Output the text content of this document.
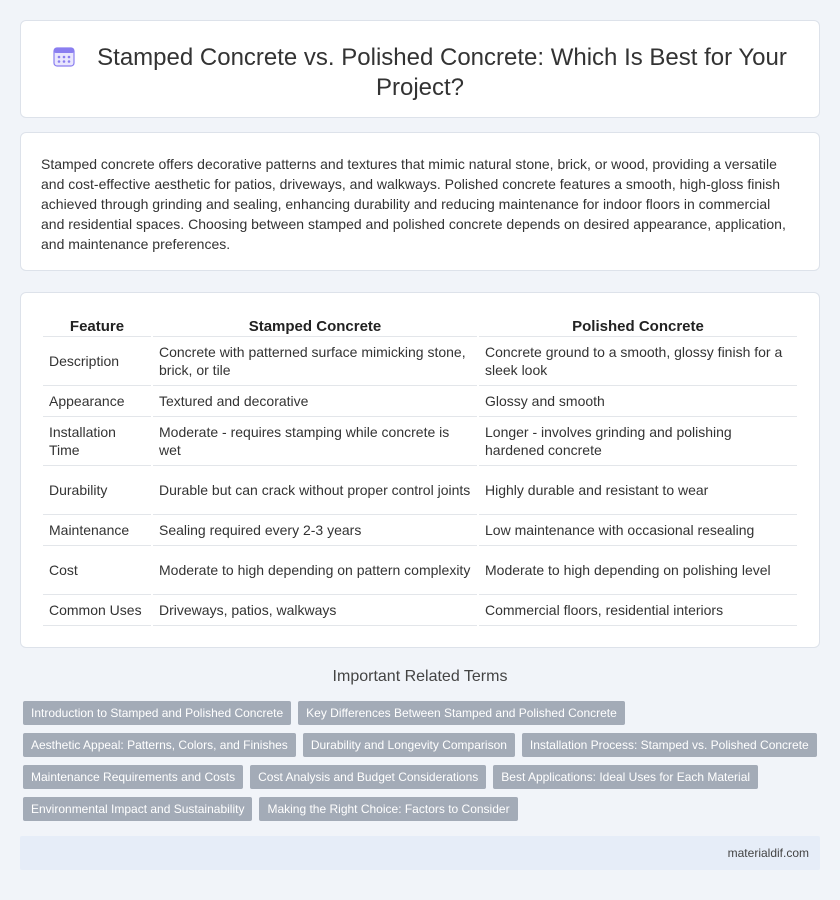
Stamped Concrete vs. Polished Concrete: Which Is Best for Your Project?

Stamped concrete offers decorative patterns and textures that mimic natural stone, brick, or wood, providing a versatile and cost-effective aesthetic for patios, driveways, and walkways. Polished concrete features a smooth, high-gloss finish achieved through grinding and sealing, enhancing durability and reducing maintenance for indoor floors in commercial and residential spaces. Choosing between stamped and polished concrete depends on desired appearance, application, and maintenance preferences.

Feature	Stamped Concrete	Polished Concrete
Description	Concrete with patterned surface mimicking stone, brick, or tile	Concrete ground to a smooth, glossy finish for a sleek look
Appearance	Textured and decorative	Glossy and smooth
Installation Time	Moderate - requires stamping while concrete is wet	Longer - involves grinding and polishing hardened concrete
Durability	Durable but can crack without proper control joints	Highly durable and resistant to wear
Maintenance	Sealing required every 2-3 years	Low maintenance with occasional resealing
Cost	Moderate to high depending on pattern complexity	Moderate to high depending on polishing level
Common Uses	Driveways, patios, walkways	Commercial floors, residential interiors
Important Related Terms
Introduction to Stamped and Polished Concrete	Key Differences Between Stamped and Polished Concrete
Aesthetic Appeal: Patterns, Colors, and Finishes	Durability and Longevity Comparison	Installation Process: Stamped vs. Polished Concrete
Maintenance Requirements and Costs	Cost Analysis and Budget Considerations	Best Applications: Ideal Uses for Each Material
Environmental Impact and Sustainability	Making the Right Choice: Factors to Consider
materialdif.com
